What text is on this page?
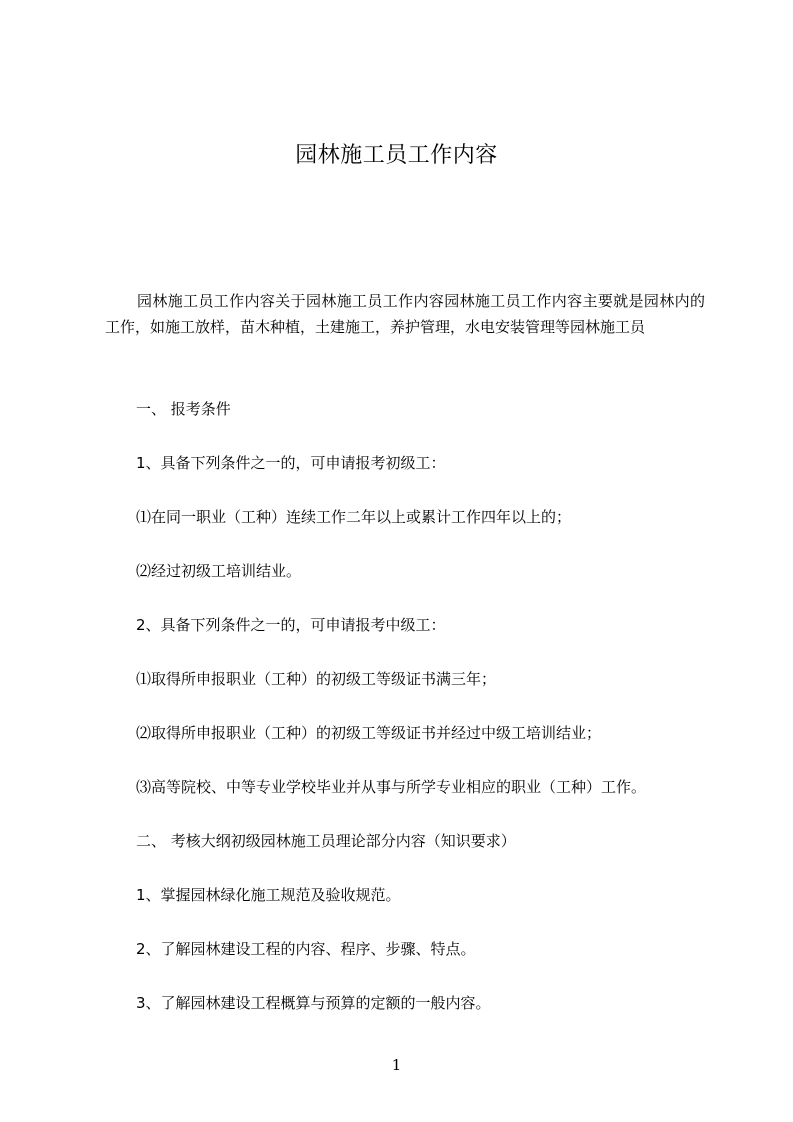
园林施工员工作内容
园林施工员工作内容关于园林施工员工作内容园林施工员工作内容主要就是园林内的工作，如施工放样，苗木种植，土建施工，养护管理，水电安装管理等园林施工员
一、 报考条件
1、具备下列条件之一的，可申请报考初级工：
⑴在同一职业（工种）连续工作二年以上或累计工作四年以上的；
⑵经过初级工培训结业。
2、具备下列条件之一的，可申请报考中级工：
⑴取得所申报职业（工种）的初级工等级证书满三年；
⑵取得所申报职业（工种）的初级工等级证书并经过中级工培训结业；
⑶高等院校、中等专业学校毕业并从事与所学专业相应的职业（工种）工作。
二、 考核大纲初级园林施工员理论部分内容（知识要求）
1、掌握园林绿化施工规范及验收规范。
2、了解园林建设工程的内容、程序、步骤、特点。
3、了解园林建设工程概算与预算的定额的一般内容。
1
